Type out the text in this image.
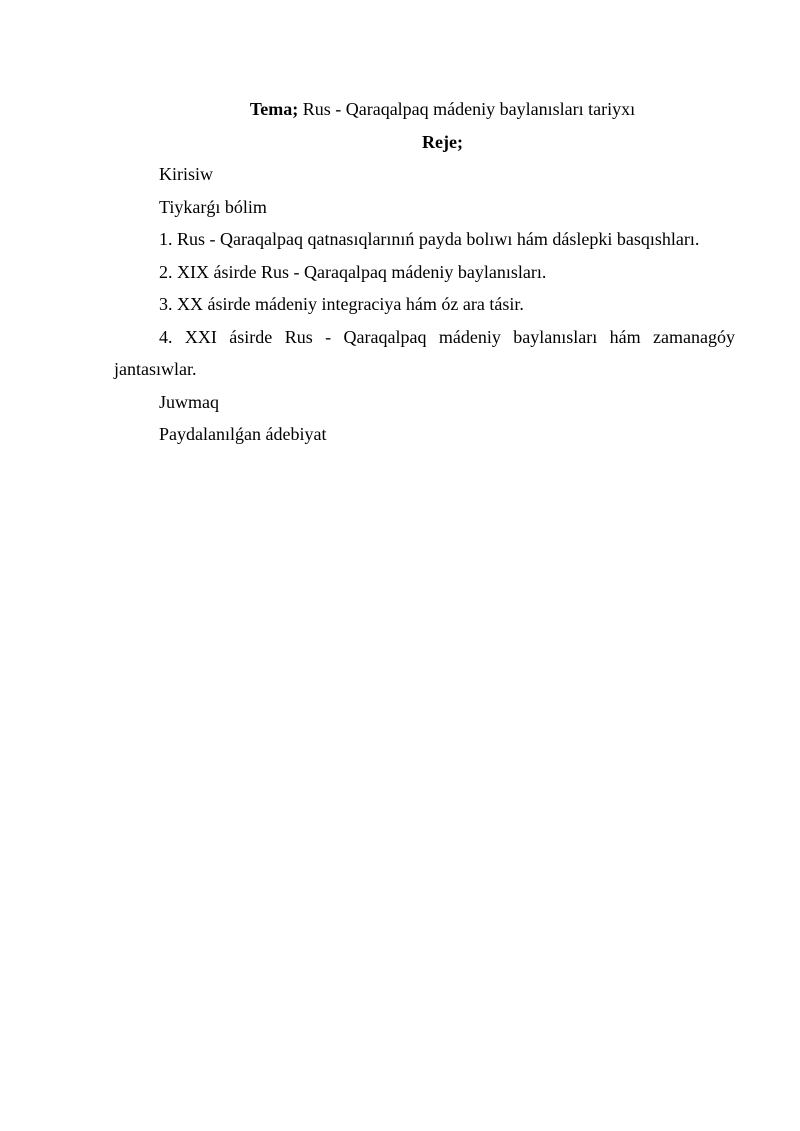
Tema; Rus - Qaraqalpaq mádeniy baylanısları tariyxı

Reje;

Kirisiw

Tiykarǵı bólim

1. Rus - Qaraqalpaq qatnasıqlarınıń payda bolıwı hám dáslepki basqıshları.

2. XIX ásirde Rus - Qaraqalpaq mádeniy baylanısları.

3. XX ásirde mádeniy integraciya hám óz ara tásir.

4. XXI ásirde Rus - Qaraqalpaq mádeniy baylanısları hám zamanagóy jantasıwlar.

Juwmaq

Paydalanılǵan ádebiyat
